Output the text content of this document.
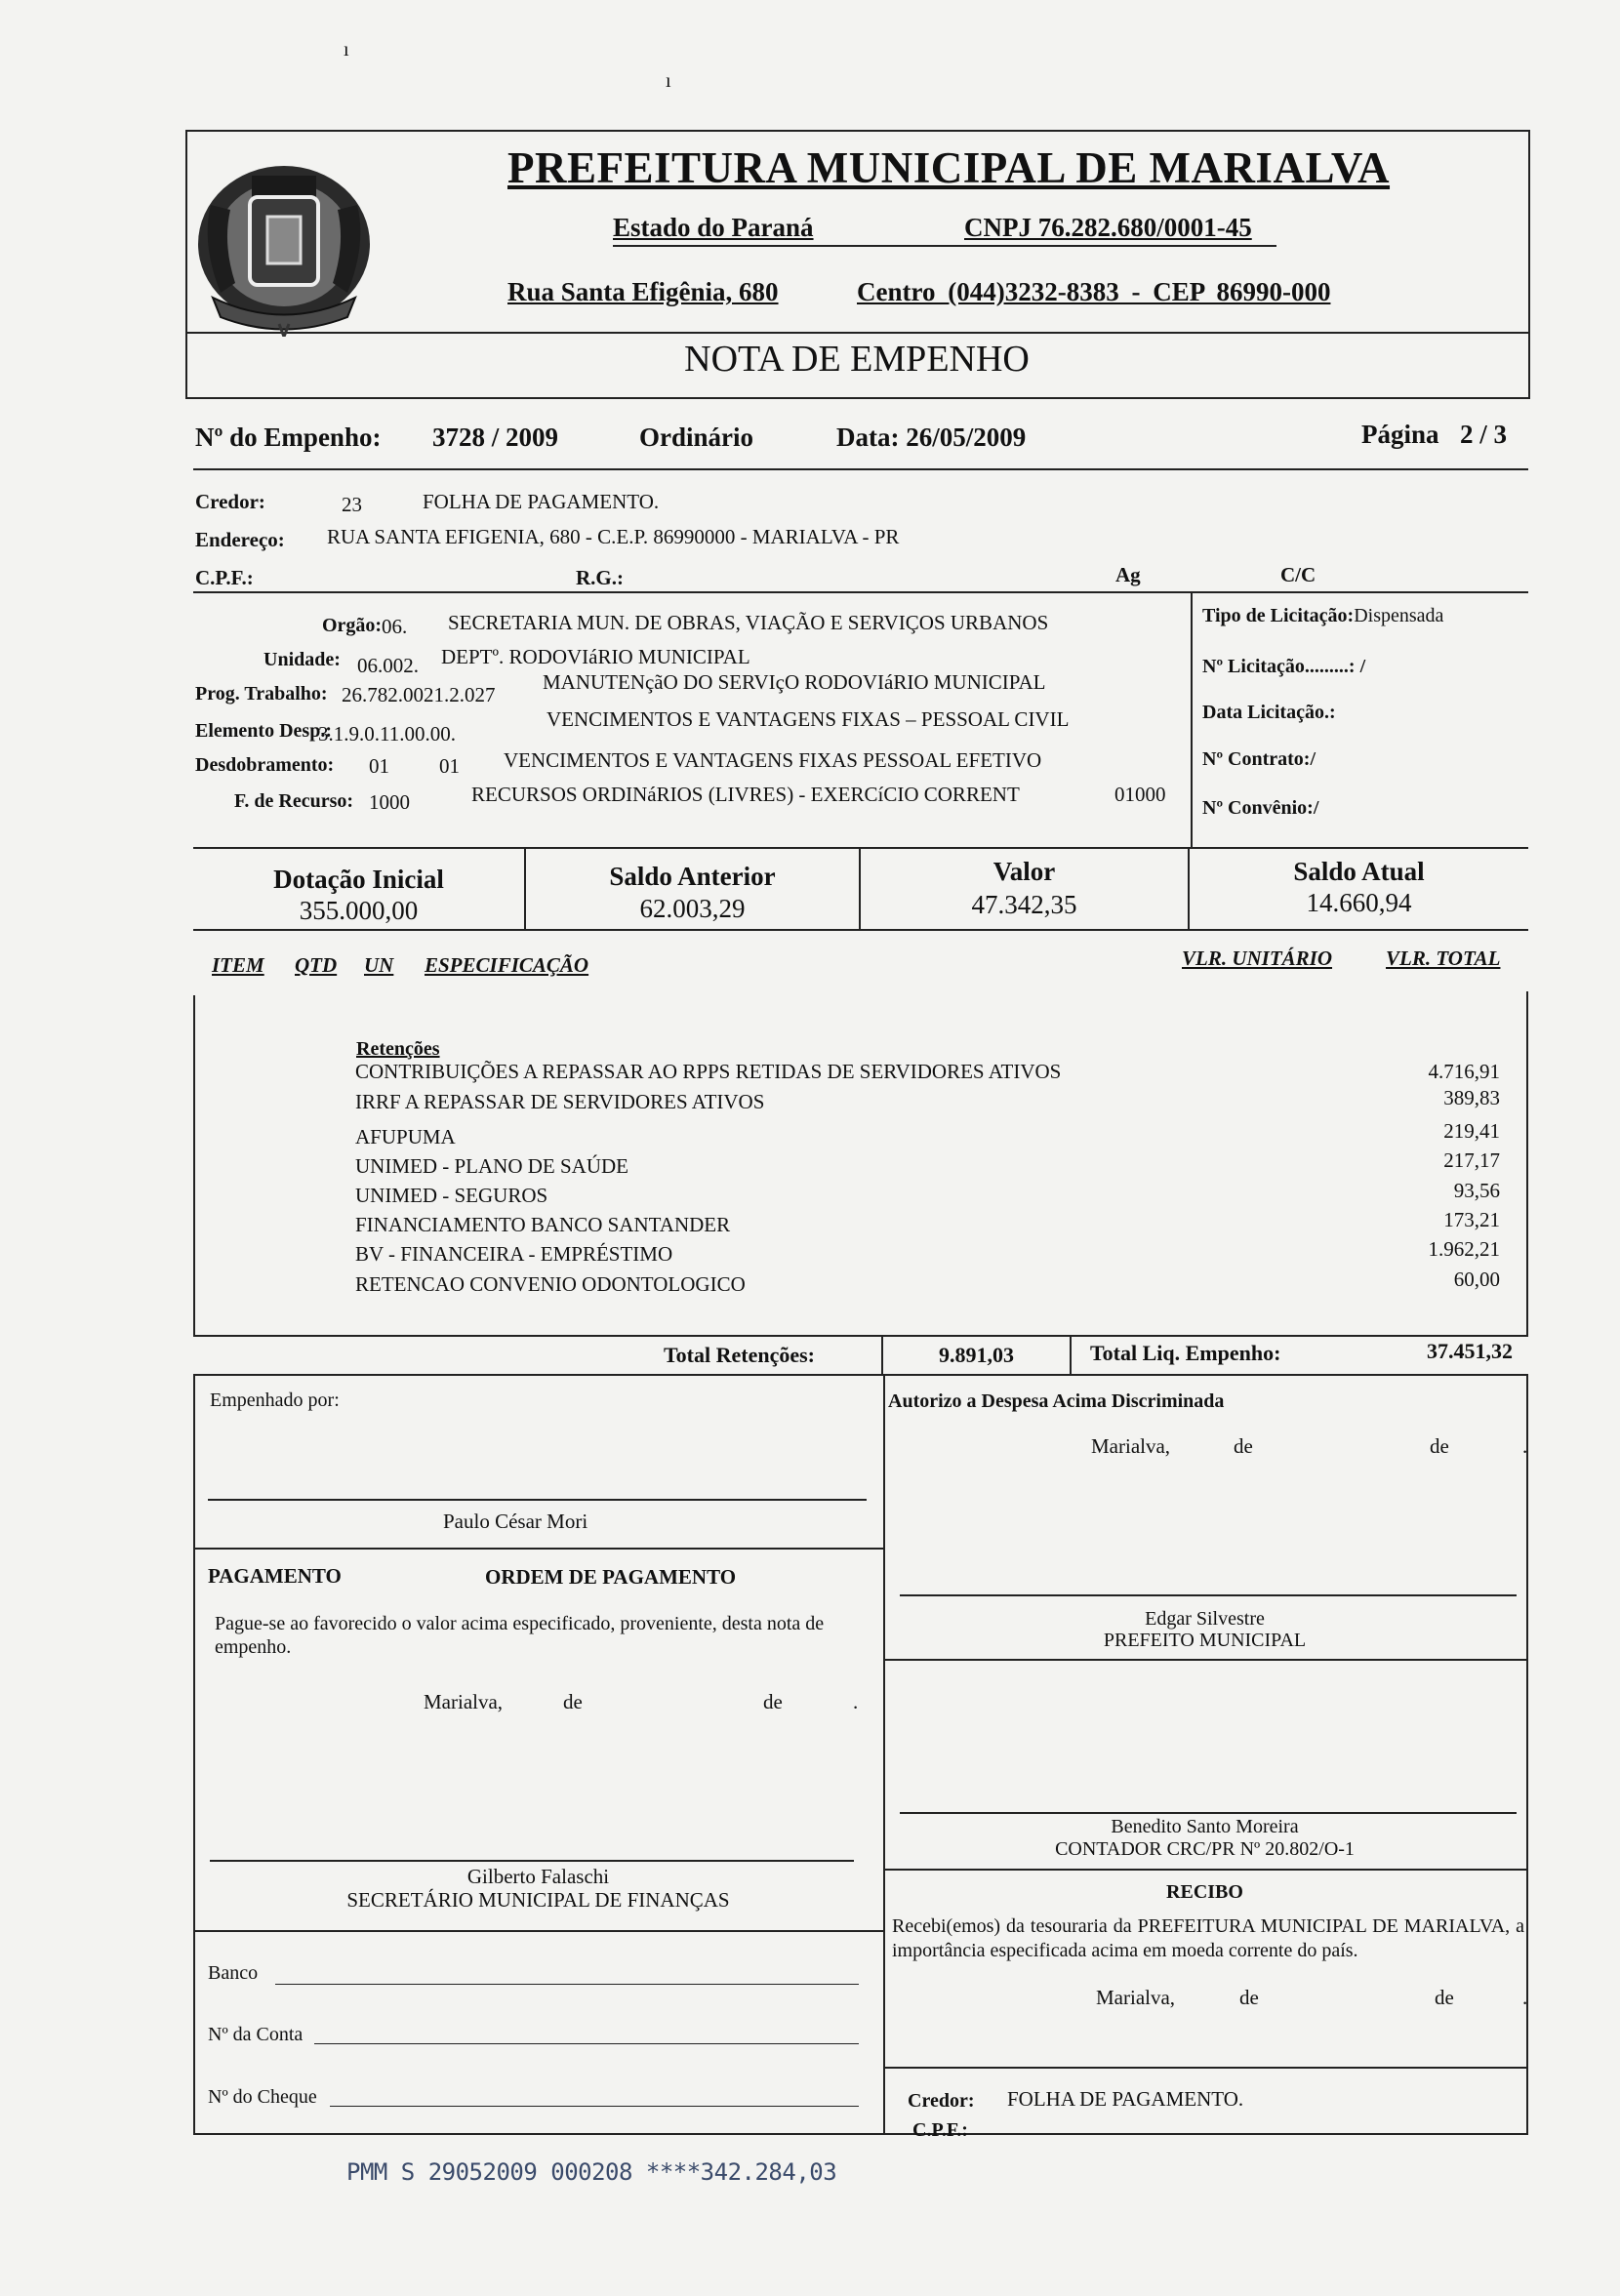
ı
ı
PREFEITURA MUNICIPAL DE MARIALVA
Estado do Paraná	CNPJ 76.282.680/0001-45
Rua Santa Efigênia, 680	Centro (044)3232-8383 - CEP 86990-000
NOTA DE EMPENHO
Nº do Empenho: 3728 / 2009	Ordinário	Data: 26/05/2009	Página 2 / 3
Credor:	23	FOLHA DE PAGAMENTO.
Endereço: RUA SANTA EFIGENIA, 680 - C.E.P. 86990000 - MARIALVA - PR
C.P.F.:	R.G.:	Ag	C/C
Orgão: 06. SECRETARIA MUN. DE OBRAS, VIAÇÃO E SERVIÇOS URBANOS
Unidade: 06.002. DEPTº. RODOVIáRIO MUNICIPAL
Prog. Trabalho: 26.782.0021.2.027
MANUTENçãO DO SERVIçO RODOVIáRIO MUNICIPAL
Elemento Desp.:
3.1.9.0.11.00.00.
VENCIMENTOS E VANTAGENS FIXAS – PESSOAL CIVIL
Desdobramento: 01 01 VENCIMENTOS E VANTAGENS FIXAS PESSOAL EFETIVO
F. de Recurso: 1000	RECURSOS ORDINáRIOS (LIVRES) - EXERCíCIO CORRENT	01000
Tipo de Licitação:Dispensada
Nº Licitação.........: /
Data Licitação.:
Nº Contrato:/
Nº Convênio:/
Dotação Inicial
355.000,00
Saldo Anterior
62.003,29
Valor
47.342,35
Saldo Atual
14.660,94
ITEM QTD UN ESPECIFICAÇÃO	VLR. UNITÁRIO	VLR. TOTAL
Retenções
CONTRIBUIÇÕES A REPASSAR AO RPPS RETIDAS DE SERVIDORES ATIVOS	4.716,91
IRRF A REPASSAR DE SERVIDORES ATIVOS	389,83
AFUPUMA	219,41
UNIMED - PLANO DE SAÚDE	217,17
UNIMED - SEGUROS	93,56
FINANCIAMENTO BANCO SANTANDER	173,21
BV - FINANCEIRA - EMPRÉSTIMO	1.962,21
RETENCAO CONVENIO ODONTOLOGICO	60,00
Total Retenções:	9.891,03	Total Liq. Empenho:	37.451,32
Empenhado por:
Paulo César Mori
Autorizo a Despesa Acima Discriminada
Marialva,	de	de	.
Edgar Silvestre
PREFEITO MUNICIPAL
PAGAMENTO	ORDEM DE PAGAMENTO
Pague-se ao favorecido o valor acima especificado, proveniente, desta nota de empenho.
Marialva,	de	de	.
Gilberto Falaschi
SECRETÁRIO MUNICIPAL DE FINANÇAS
Banco
Nº da Conta
Nº do Cheque
Benedito Santo Moreira
CONTADOR CRC/PR Nº 20.802/O-1
RECIBO
Recebi(emos) da tesouraria da PREFEITURA MUNICIPAL DE MARIALVA, a importância especificada acima em moeda corrente do país.
Marialva,	de	de	.
Credor: FOLHA DE PAGAMENTO.
C.P.F.:
PMM S 29052009 000208 ****342.284,03
